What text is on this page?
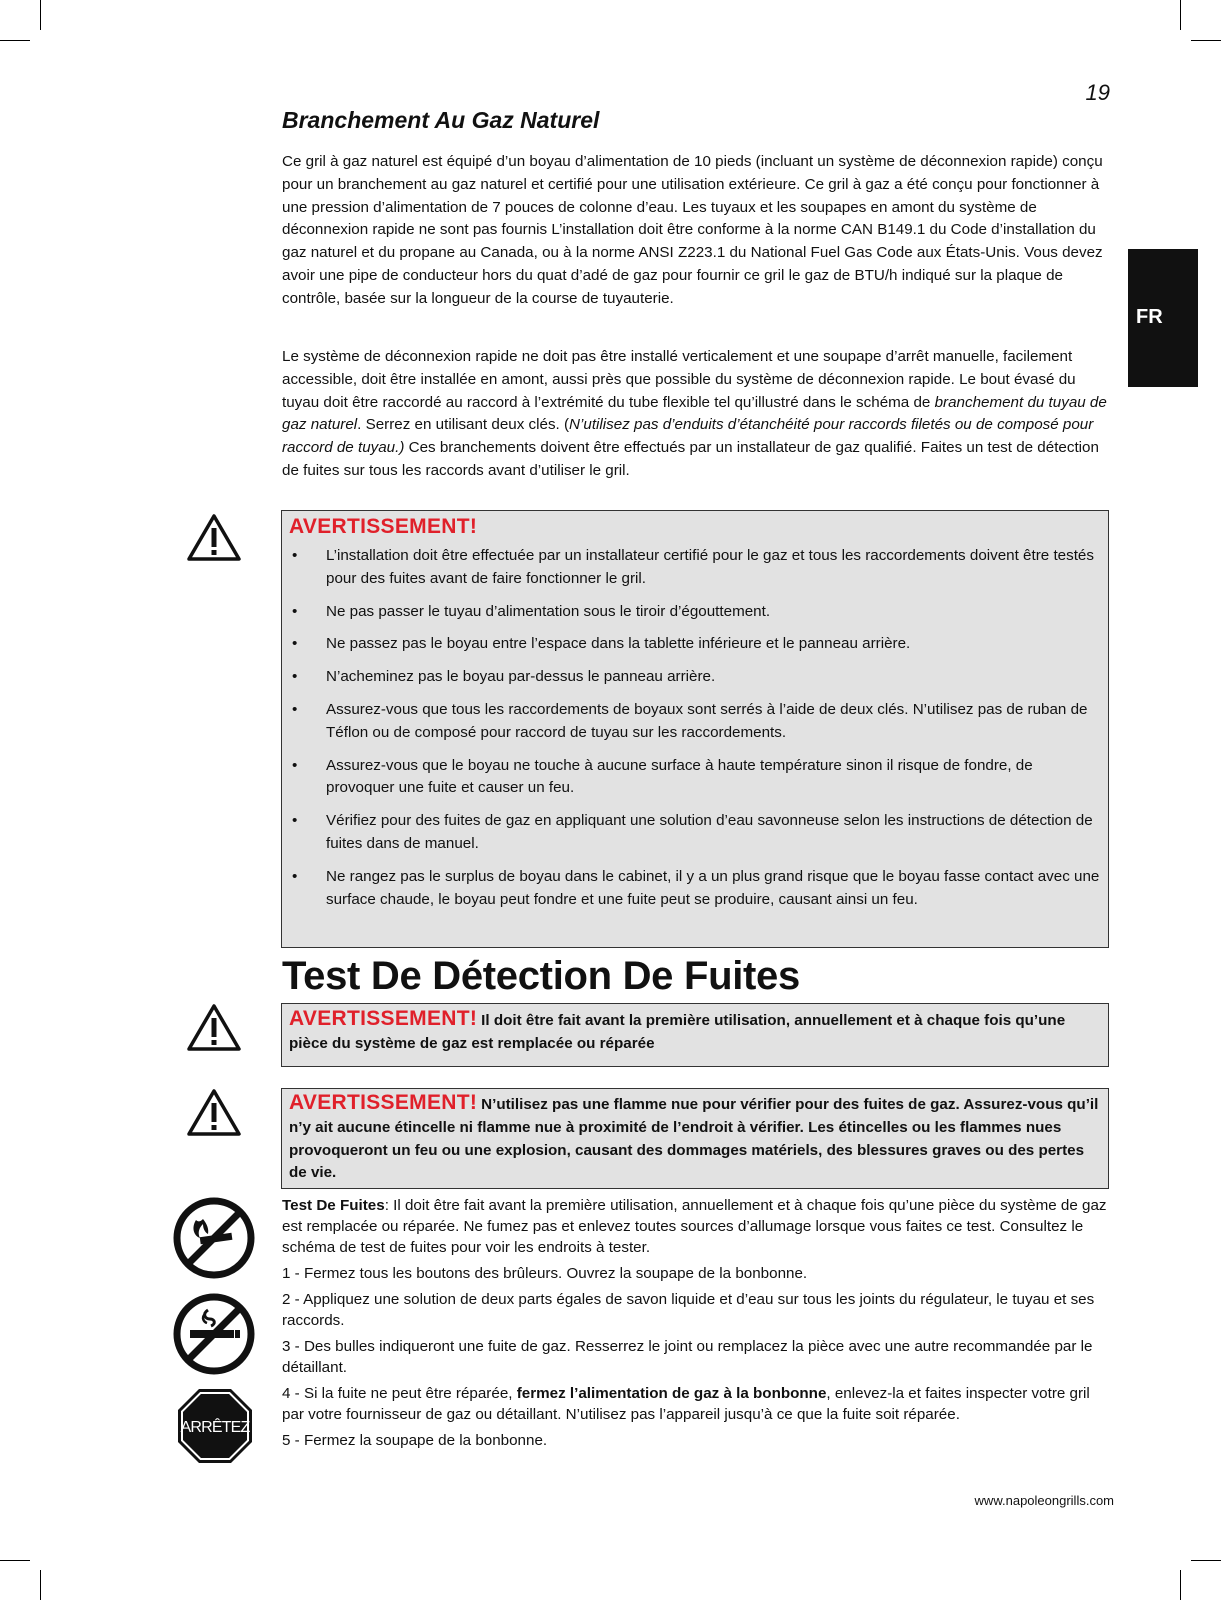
19
FR
Branchement Au Gaz Naturel

Ce gril à gaz naturel est équipé d’un boyau d’alimentation de 10 pieds (incluant un système de déconnexion rapide) conçu pour un branchement au gaz naturel et certifié pour une utilisation extérieure. Ce gril à gaz a été conçu pour fonctionner à une pression d’alimentation de 7 pouces de colonne d’eau. Les tuyaux et les soupapes en amont du système de déconnexion rapide ne sont pas fournis L’installation doit être conforme à la norme CAN B149.1 du Code d’installation du gaz naturel et du propane au Canada, ou à la norme ANSI Z223.1 du National Fuel Gas Code aux États-Unis. Vous devez avoir une pipe de conducteur hors du quat d’adé de gaz pour fournir ce gril le gaz de BTU/h indiqué sur la plaque de contrôle, basée sur la longueur de la course de tuyauterie.

Le système de déconnexion rapide ne doit pas être installé verticalement et une soupape d’arrêt manuelle, facilement accessible, doit être installée en amont, aussi près que possible du système de déconnexion rapide. Le bout évasé du tuyau doit être raccordé au raccord à l’extrémité du tube flexible tel qu’illustré dans le schéma de branchement du tuyau de gaz naturel. Serrez en utilisant deux clés. (N’utilisez pas d’enduits d’étanchéité pour raccords filetés ou de composé pour raccord de tuyau.) Ces branchements doivent être effectués par un installateur de gaz qualifié. Faites un test de détection de fuites sur tous les raccords avant d’utiliser le gril.

AVERTISSEMENT!
• L’installation doit être effectuée par un installateur certifié pour le gaz et tous les raccordements doivent être testés pour des fuites avant de faire fonctionner le gril.
• Ne pas passer le tuyau d’alimentation sous le tiroir d’égouttement.
• Ne passez pas le boyau entre l’espace dans la tablette inférieure et le panneau arrière.
• N’acheminez pas le boyau par-dessus le panneau arrière.
• Assurez-vous que tous les raccordements de boyaux sont serrés à l’aide de deux clés. N’utilisez pas de ruban de Téflon ou de composé pour raccord de tuyau sur les raccordements.
• Assurez-vous que le boyau ne touche à aucune surface à haute température sinon il risque de fondre, de provoquer une fuite et causer un feu.
• Vérifiez pour des fuites de gaz en appliquant une solution d’eau savonneuse selon les instructions de détection de fuites dans de manuel.
• Ne rangez pas le surplus de boyau dans le cabinet, il y a un plus grand risque que le boyau fasse contact avec une surface chaude, le boyau peut fondre et une fuite peut se produire, causant ainsi un feu.
Test De Détection De Fuites
AVERTISSEMENT! Il doit être fait avant la première utilisation, annuellement et à chaque fois qu’une pièce du système de gaz est remplacée ou réparée
AVERTISSEMENT! N’utilisez pas une flamme nue pour vérifier pour des fuites de gaz. Assurez-vous qu’il n’y ait aucune étincelle ni flamme nue à proximité de l’endroit à vérifier. Les étincelles ou les flammes nues provoqueront un feu ou une explosion, causant des dommages matériels, des blessures graves ou des pertes de vie.
ARRÊTEZ

Test De Fuites: Il doit être fait avant la première utilisation, annuellement et à chaque fois qu’une pièce du système de gaz est remplacée ou réparée. Ne fumez pas et enlevez toutes sources d’allumage lorsque vous faites ce test. Consultez le schéma de test de fuites pour voir les endroits à tester.

1 - Fermez tous les boutons des brûleurs. Ouvrez la soupape de la bonbonne.

2 - Appliquez une solution de deux parts égales de savon liquide et d’eau sur tous les joints du régulateur, le tuyau et ses raccords.

3 - Des bulles indiqueront une fuite de gaz. Resserrez le joint ou remplacez la pièce avec une autre recommandée par le détaillant.

4 - Si la fuite ne peut être réparée, fermez l’alimentation de gaz à la bonbonne, enlevez-la et faites inspecter votre gril par votre fournisseur de gaz ou détaillant. N’utilisez pas l’appareil jusqu’à ce que la fuite soit réparée.

5 - Fermez la soupape de la bonbonne.

www.napoleongrills.com
